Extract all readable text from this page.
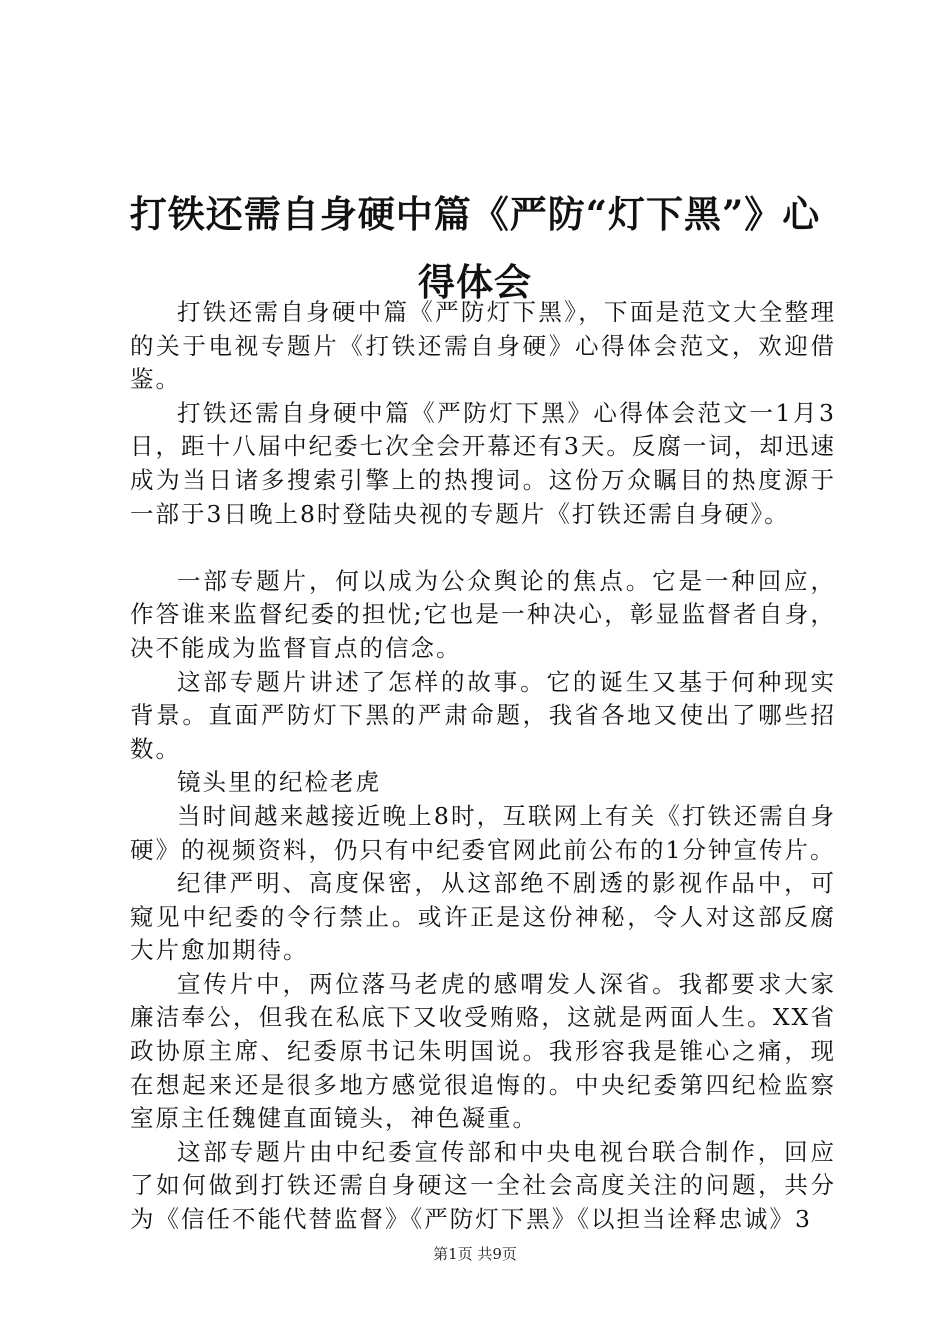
打铁还需自身硬中篇《严防“灯下黑”》心得体会

打铁还需自身硬中篇《严防灯下黑》，下面是范文大全整理的关于电视专题片《打铁还需自身硬》心得体会范文，欢迎借鉴。

打铁还需自身硬中篇《严防灯下黑》心得体会范文一1月3日，距十八届中纪委七次全会开幕还有3天。反腐一词，却迅速成为当日诸多搜索引擎上的热搜词。这份万众瞩目的热度源于一部于3日晚上8时登陆央视的专题片《打铁还需自身硬》。

一部专题片，何以成为公众舆论的焦点。它是一种回应，作答谁来监督纪委的担忧;它也是一种决心，彰显监督者自身，决不能成为监督盲点的信念。

这部专题片讲述了怎样的故事。它的诞生又基于何种现实背景。直面严防灯下黑的严肃命题，我省各地又使出了哪些招数。

镜头里的纪检老虎

当时间越来越接近晚上8时，互联网上有关《打铁还需自身硬》的视频资料，仍只有中纪委官网此前公布的1分钟宣传片。

纪律严明、高度保密，从这部绝不剧透的影视作品中，可窥见中纪委的令行禁止。或许正是这份神秘，令人对这部反腐大片愈加期待。

宣传片中，两位落马老虎的感喟发人深省。我都要求大家廉洁奉公，但我在私底下又收受贿赂，这就是两面人生。XX省政协原主席、纪委原书记朱明国说。我形容我是锥心之痛，现在想起来还是很多地方感觉很追悔的。中央纪委第四纪检监察室原主任魏健直面镜头，神色凝重。

这部专题片由中纪委宣传部和中央电视台联合制作，回应了如何做到打铁还需自身硬这一全社会高度关注的问题，共分为《信任不能代替监督》《严防灯下黑》《以担当诠释忠诚》3

第1页 共9页
